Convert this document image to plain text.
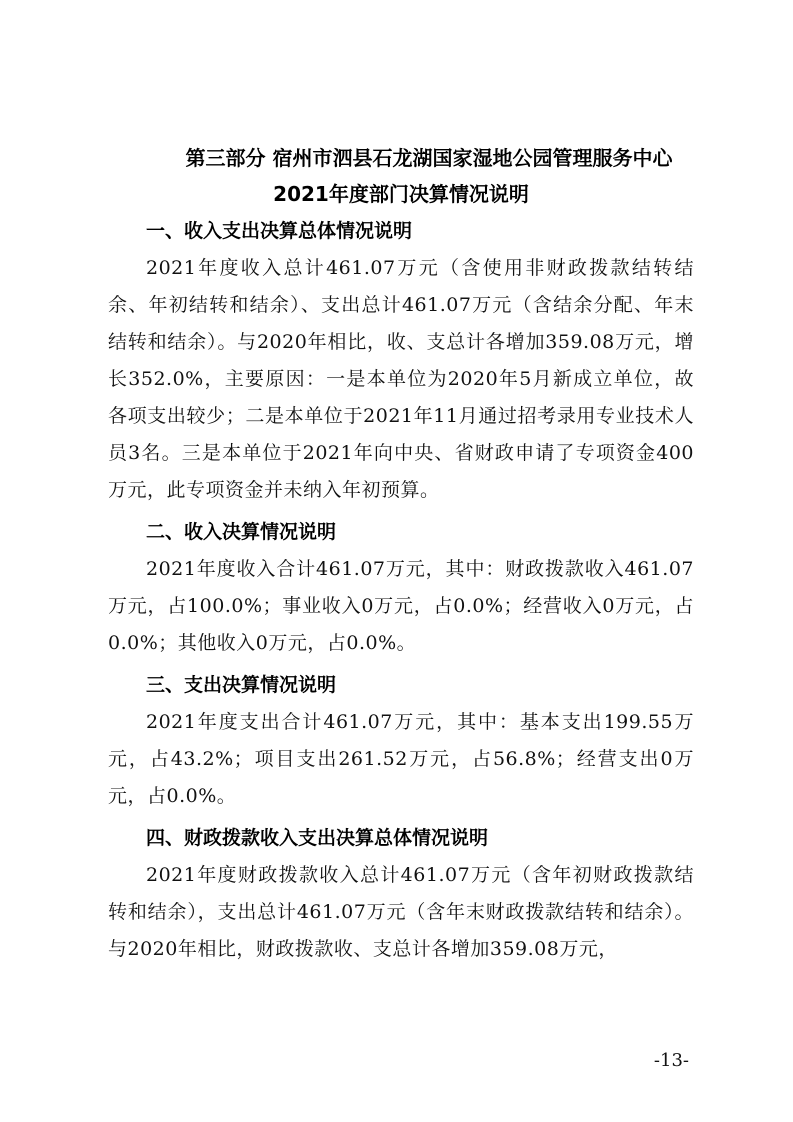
第三部分 宿州市泗县石龙湖国家湿地公园管理服务中心
2021年度部门决算情况说明
一、收入支出决算总体情况说明

2021年度收入总计461.07万元（含使用非财政拨款结转结余、年初结转和结余）、支出总计461.07万元（含结余分配、年末结转和结余）。与2020年相比，收、支总计各增加359.08万元，增长352.0%，主要原因：一是本单位为2020年5月新成立单位，故各项支出较少；二是本单位于2021年11月通过招考录用专业技术人员3名。三是本单位于2021年向中央、省财政申请了专项资金400万元，此专项资金并未纳入年初预算。

二、收入决算情况说明

2021年度收入合计461.07万元，其中：财政拨款收入461.07万元，占100.0%；事业收入0万元，占0.0%；经营收入0万元，占0.0%；其他收入0万元，占0.0%。

三、支出决算情况说明

2021年度支出合计461.07万元，其中：基本支出199.55万元，占43.2%；项目支出261.52万元，占56.8%；经营支出0万元，占0.0%。

四、财政拨款收入支出决算总体情况说明

2021年度财政拨款收入总计461.07万元（含年初财政拨款结转和结余），支出总计461.07万元（含年末财政拨款结转和结余）。与2020年相比，财政拨款收、支总计各增加359.08万元，

-13-
